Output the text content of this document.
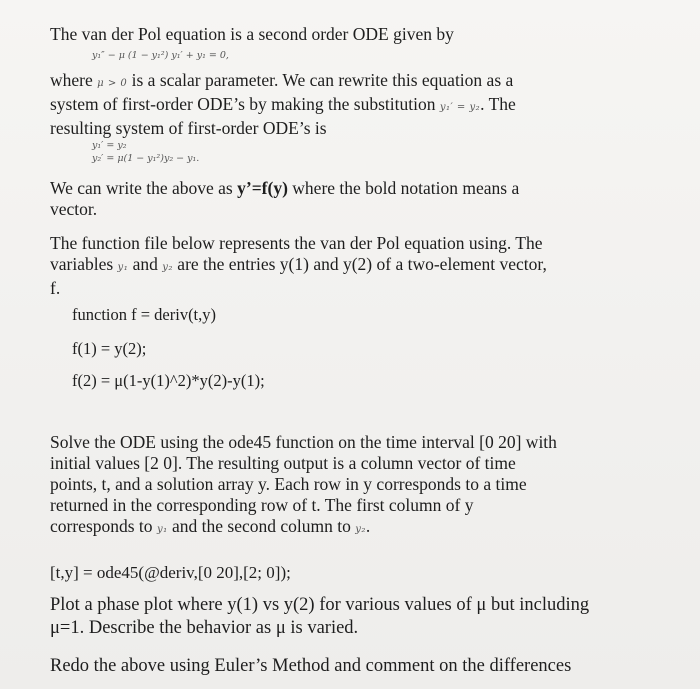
The van der Pol equation is a second order ODE given by

y₁″ − μ (1 − y₁²) y₁′ + y₁ = 0,

where μ > 0 is a scalar parameter. We can rewrite this equation as a
system of first-order ODE’s by making the substitution y₁′ = y₂. The
resulting system of first-order ODE’s is

y₁′ = y₂

y₂′ = μ(1 − y₁²)y₂ − y₁.

We can write the above as y’=f(y) where the bold notation means a
vector.

The function file below represents the van der Pol equation using. The
variables y₁ and y₂ are the entries y(1) and y(2) of a two-element vector,
f.

function f = deriv(t,y)

f(1) = y(2);

f(2) = μ(1-y(1)^2)*y(2)-y(1);

Solve the ODE using the ode45 function on the time interval [0 20] with
initial values [2 0]. The resulting output is a column vector of time
points, t, and a solution array y. Each row in y corresponds to a time
returned in the corresponding row of t. The first column of y
corresponds to y₁ and the second column to y₂.

[t,y] = ode45(@deriv,[0 20],[2; 0]);

Plot a phase plot where y(1) vs y(2) for various values of μ but including
μ=1. Describe the behavior as μ is varied.

Redo the above using Euler’s Method and comment on the differences
